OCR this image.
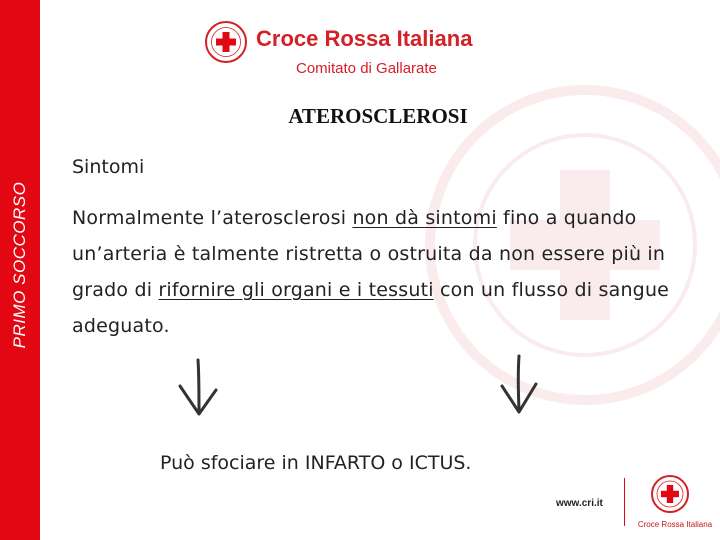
PRIMO SOCCORSO
Croce Rossa Italiana
Comitato di Gallarate
ATEROSCLEROSI
Sintomi
Normalmente l’aterosclerosi non dà sintomi fino a quando un’arteria è talmente ristretta o ostruita da non essere più in grado di rifornire gli organi e i tessuti con un flusso di sangue adeguato.
Può sfociare in INFARTO o ICTUS.
www.cri.it
Croce Rossa Italiana
